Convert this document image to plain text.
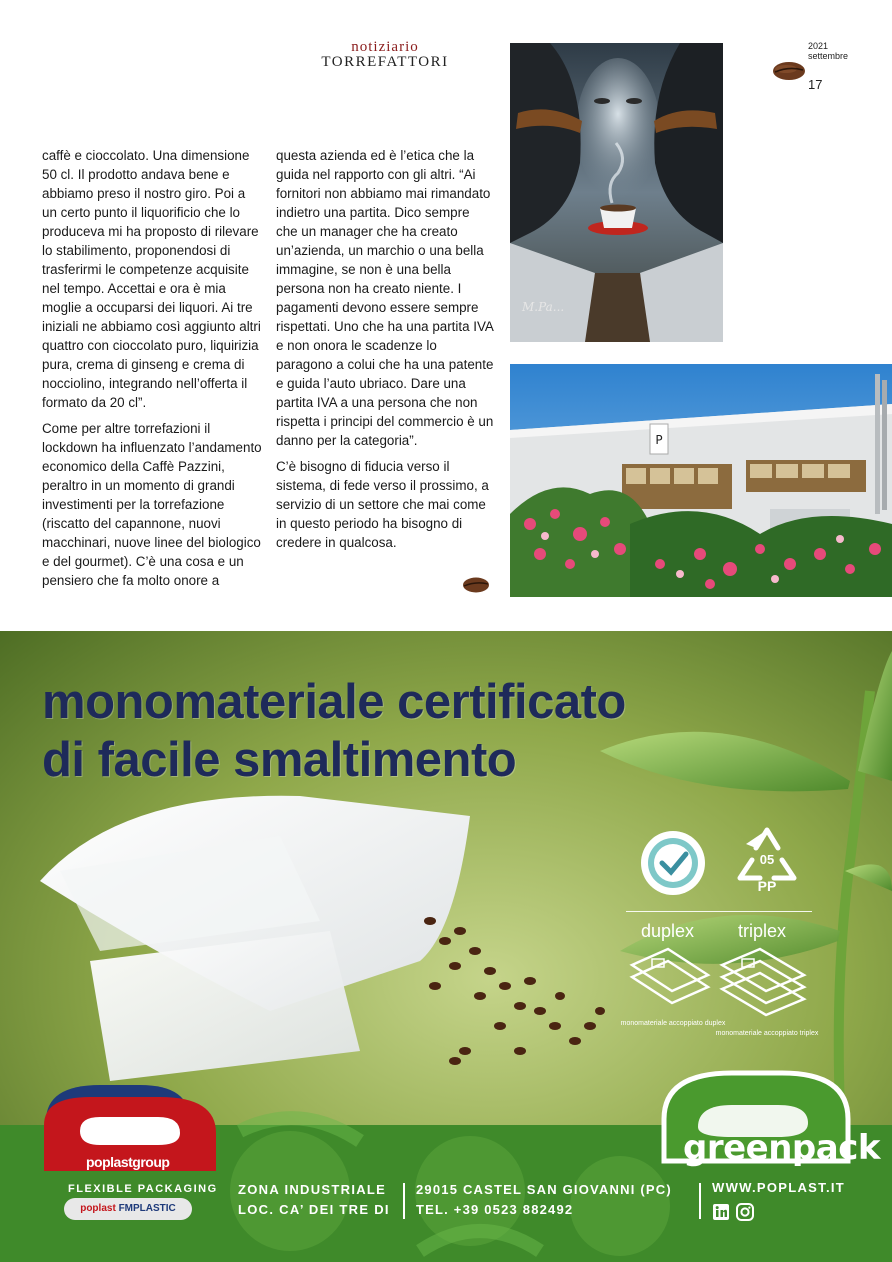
notiziario
TORREFATTORI
2021
settembre
17

caffè e cioccolato. Una dimensione 50 cl. Il prodotto andava bene e abbiamo preso il nostro giro. Poi a un certo punto il liquorificio che lo produceva mi ha proposto di rilevare lo stabilimento, proponendosi di trasferirmi le competenze acquisite nel tempo. Accettai e ora è mia moglie a occuparsi dei liquori. Ai tre iniziali ne abbiamo così aggiunto altri quattro con cioccolato puro, liquirizia pura, crema di ginseng e crema di nocciolino, integrando nell’offerta il formato da 20 cl”.

Come per altre torrefazioni il lockdown ha influenzato l’andamento economico della Caffè Pazzini, peraltro in un momento di grandi investimenti per la torrefazione (riscatto del capannone, nuovi macchinari, nuove linee del biologico e del gourmet). C’è una cosa e un pensiero che fa molto onore a

questa azienda ed è l’etica che la guida nel rapporto con gli altri. “Ai fornitori non abbiamo mai rimandato indietro una partita. Dico sempre che un manager che ha creato un’azienda, un marchio o una bella immagine, se non è una bella persona non ha creato niente. I pagamenti devono essere sempre rispettati. Uno che ha una partita IVA e non onora le scadenze lo paragono a colui che ha una patente e guida l’auto ubriaco. Dare una partita IVA a una persona che non rispetta i principi del commercio è un danno per la categoria”.

C’è bisogno di fiducia verso il sistema, di fede verso il prossimo, a servizio di un settore che mai come in questo periodo ha bisogno di credere in qualcosa.

M.Pa...
P
monomateriale certificato
di facile smaltimento
05
PP
duplex triplex
monomateriale accoppiato duplex
monomateriale accoppiato triplex
poplastgroup
FLEXIBLE PACKAGING
poplast FMPLASTIC
ZONA INDUSTRIALE
LOC. CA’ DEI TRE DI
29015 CASTEL SAN GIOVANNI (PC)
TEL. +39 0523 882492
WWW.POPLAST.IT
greenpack
